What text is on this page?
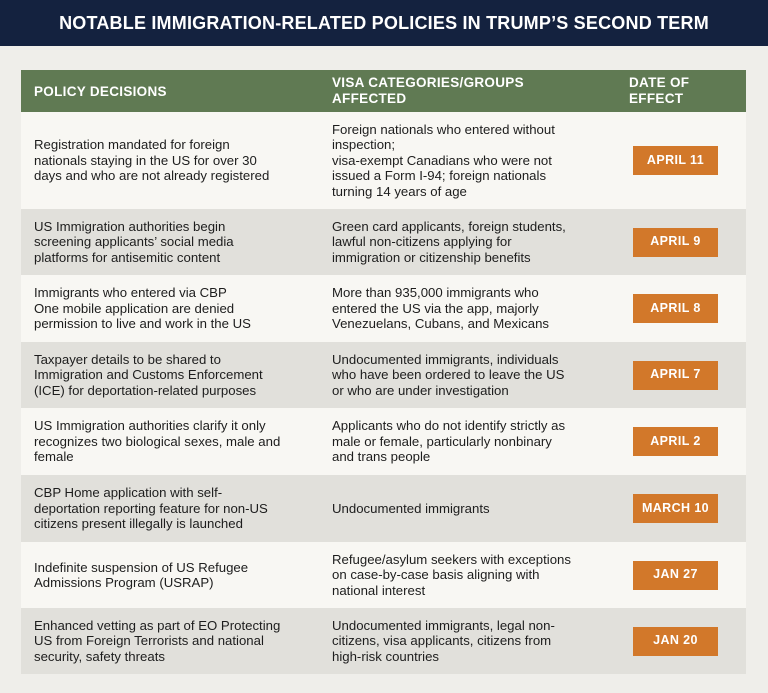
NOTABLE IMMIGRATION-RELATED POLICIES IN TRUMP’S SECOND TERM
POLICY DECISIONS
VISA CATEGORIES/GROUPS
AFFECTED
DATE OF
EFFECT
Registration mandated for foreign
nationals staying in the US for over 30
days and who are not already registered
Foreign nationals who entered without
inspection;
visa-exempt Canadians who were not
issued a Form I-94; foreign nationals
turning 14 years of age
APRIL 11
US Immigration authorities begin
screening applicants’ social media
platforms for antisemitic content
Green card applicants, foreign students,
lawful non-citizens applying for
immigration or citizenship benefits
APRIL 9
Immigrants who entered via CBP
One mobile application are denied
permission to live and work in the US
More than 935,000 immigrants who
entered the US via the app, majorly
Venezuelans, Cubans, and Mexicans
APRIL 8
Taxpayer details to be shared to
Immigration and Customs Enforcement
(ICE) for deportation-related purposes
Undocumented immigrants, individuals
who have been ordered to leave the US
or who are under investigation
APRIL 7
US Immigration authorities clarify it only
recognizes two biological sexes, male and
female
Applicants who do not identify strictly as
male or female, particularly nonbinary
and trans people
APRIL 2
CBP Home application with self-
deportation reporting feature for non-US
citizens present illegally is launched
Undocumented immigrants	MARCH 10
Indefinite suspension of US Refugee
Admissions Program (USRAP)
Refugee/asylum seekers with exceptions
on case-by-case basis aligning with
national interest
JAN 27
Enhanced vetting as part of EO Protecting
US from Foreign Terrorists and national
security, safety threats
Undocumented immigrants, legal non-
citizens, visa applicants, citizens from
high-risk countries
JAN 20
